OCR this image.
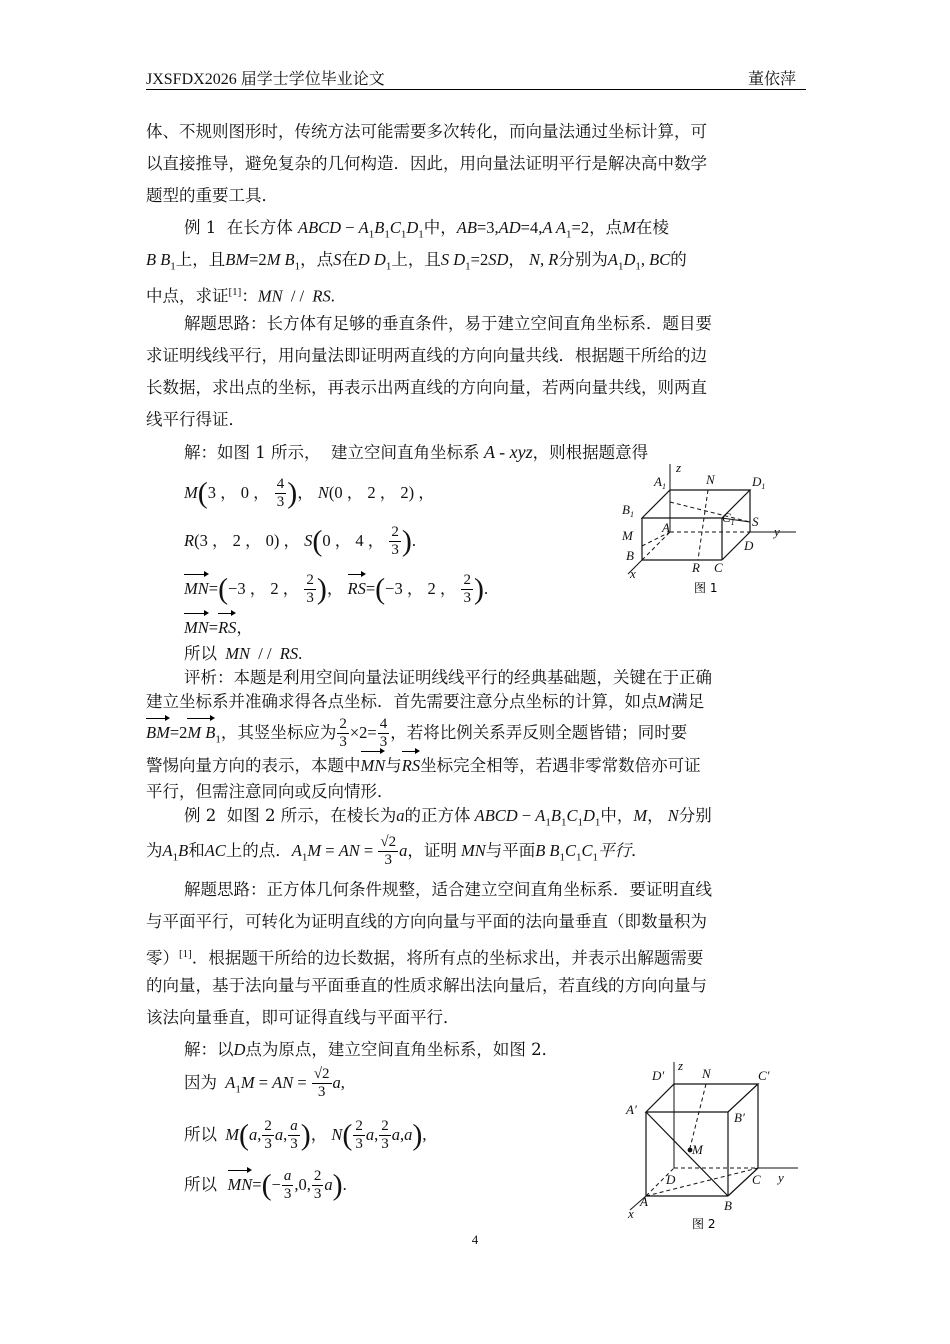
JXSFDX2026 届学士学位毕业论文	董依萍
体、不规则图形时，传统方法可能需要多次转化，而向量法通过坐标计算，可
以直接推导，避免复杂的几何构造．因此，用向量法证明平行是解决高中数学
题型的重要工具．
例 1 在长方体 ABCD − $A_1B_1C_1D_1$中，AB=3,AD=4,A $A_1=2$，点M在棱
B $B_1$上，且BM=2M $B_1$，点S在D $D_1$上，且S $D_1=2SD$， N, R分别为$A_1D_1$, BC的
中点，求证[1]：MN  / /  RS.
解题思路：长方体有足够的垂直条件，易于建立空间直角坐标系．题目要
求证明线线平行，用向量法即证明两直线的方向向量共线．根据题干所给的边
长数据，求出点的坐标，再表示出两直线的方向向量，若两向量共线，则两直
线平行得证．
解：如图 1 所示， 建立空间直角坐标系 A - xyz，则根据题意得
M(3 ， 0 ， $\frac{4}{3}$ )， N(0 ， 2 ， 2) ，
R(3 ， 2 ， 0) ， S(0 ， 4 ， $\frac{2}{3}$ ).
MN=(−3 ， 2 ， $\frac{2}{3}$ )， RS=(−3 ， 2 ， $\frac{2}{3}$ ).
MN=RS，
所以  MN  / /  RS.
评析：本题是利用空间向量法证明线线平行的经典基础题，关键在于正确
建立坐标系并准确求得各点坐标．首先需要注意分点坐标的计算，如点M满足
BM=2M $B_1$，其竖坐标应为 $\frac{2}{3} \times 2= \frac{4}{3}$ ，若将比例关系弄反则全题皆错；同时要
警惕向量方向的表示，本题中MN与RS坐标完全相等，若遇非零常数倍亦可证
平行，但需注意同向或反向情形．
例 2 如图 2 所示，在棱长为a的正方体 ABCD − $A_1B_1C_1D_1$中，M， N分别
为$A_1B$和AC上的点．$A_1M$ = AN = $\frac{√2}{3}$ a，证明 MN与平面B $B_1C_1C_1$平行．
解题思路：正方体几何条件规整，适合建立空间直角坐标系．要证明直线
与平面平行，可转化为证明直线的方向向量与平面的法向量垂直（即数量积为
零）[1]．根据题干所给的边长数据，将所有点的坐标求出，并表示出解题需要
的向量，基于法向量与平面垂直的性质求解出法向量后，若直线的方向向量与
该法向量垂直，即可证得直线与平面平行．
解：以D点为原点，建立空间直角坐标系，如图 2．
因为  $A_1M$ = AN = $\frac{√2}{3} a$,
所以  M(a, $\frac{2}{3} a$, $\frac{a}{3}$ )， $N( \frac{2}{3} a$, $\frac{2}{3} a,a$),
所以 $MN=(- \frac{a}{3} ,0$, $\frac{2}{3} a$).
$A_1$	N	$D_1$
$B_1$	$C_1$
M
A	S
B
R C
D
x
y
z
图 1
D′	N	C′
A′
B′
M
D	C
A	B
x
y
z
图 2
4
